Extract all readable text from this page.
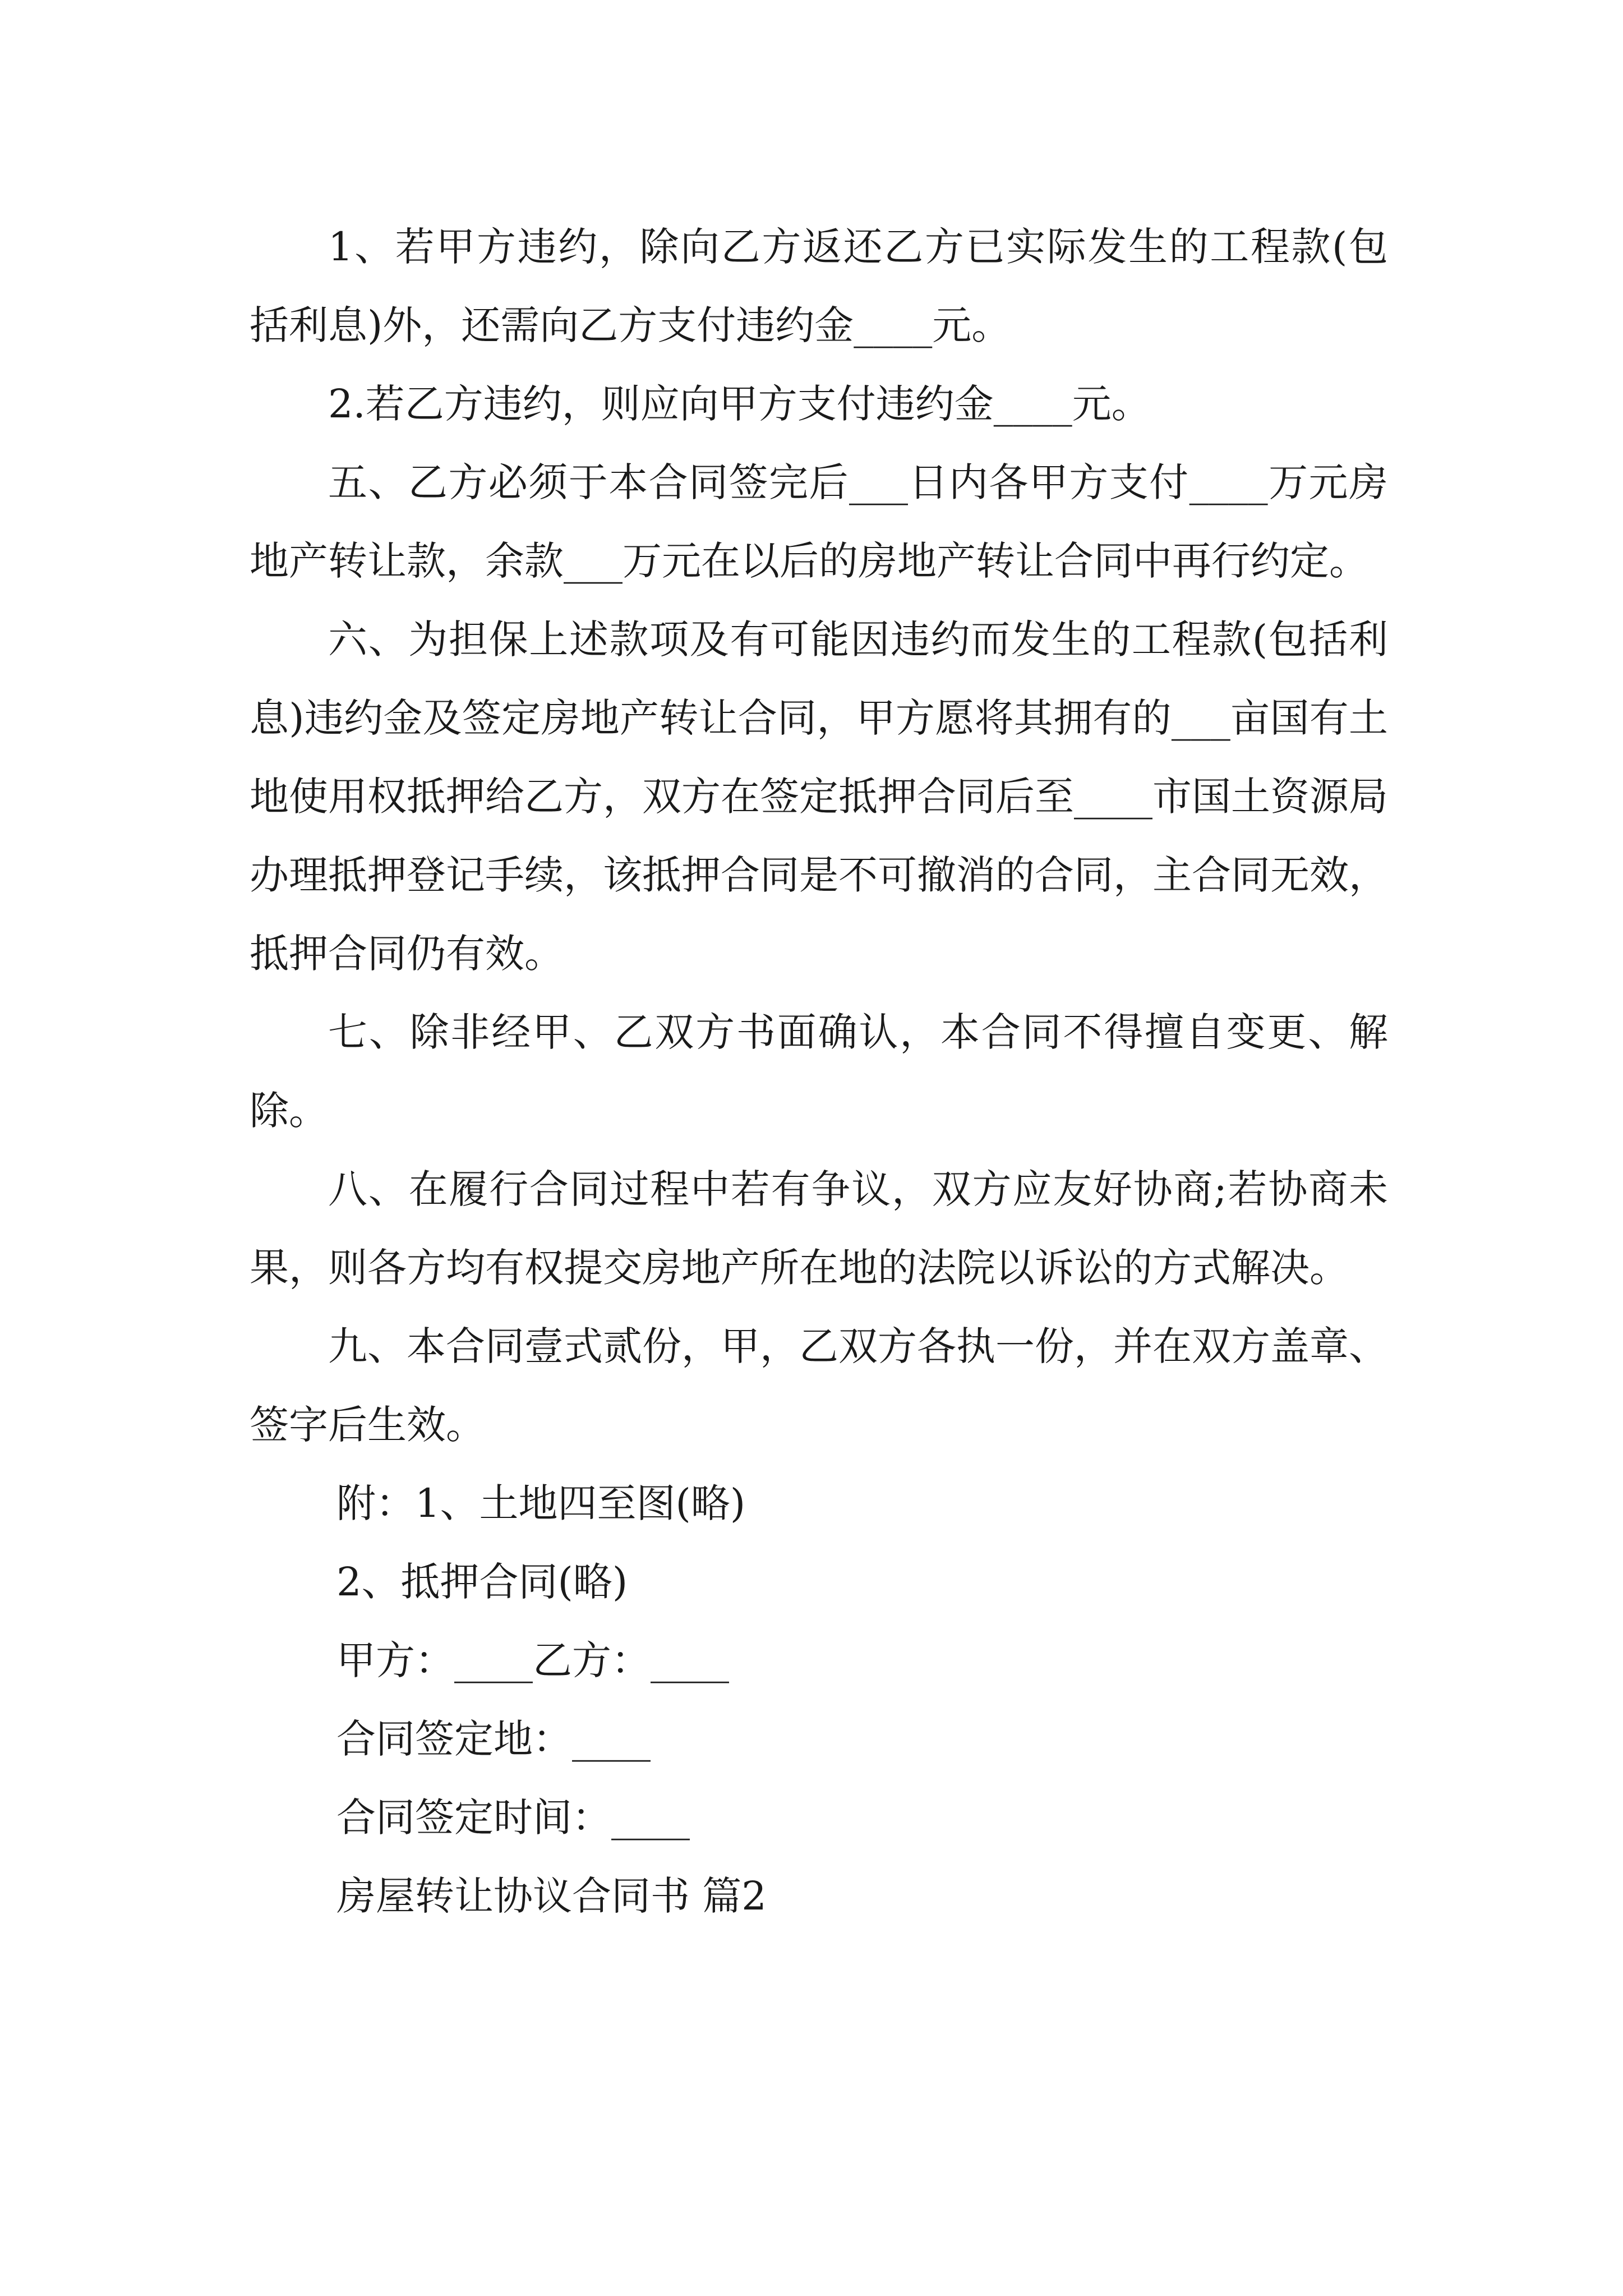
1、若甲方违约，除向乙方返还乙方已实际发生的工程款(包括利息)外，还需向乙方支付违约金____元。

2.若乙方违约，则应向甲方支付违约金____元。

五、乙方必须于本合同签完后___日内各甲方支付____万元房地产转让款，余款___万元在以后的房地产转让合同中再行约定。

六、为担保上述款项及有可能因违约而发生的工程款(包括利息)违约金及签定房地产转让合同，甲方愿将其拥有的___亩国有土地使用权抵押给乙方，双方在签定抵押合同后至____市国土资源局办理抵押登记手续，该抵押合同是不可撤消的合同，主合同无效，抵押合同仍有效。

七、除非经甲、乙双方书面确认，本合同不得擅自变更、解除。

八、在履行合同过程中若有争议，双方应友好协商;若协商未果，则各方均有权提交房地产所在地的法院以诉讼的方式解决。

九、本合同壹式贰份，甲，乙双方各执一份，并在双方盖章、签字后生效。

附：1、土地四至图(略)

2、抵押合同(略)

甲方：____乙方：____

合同签定地：____

合同签定时间：____

房屋转让协议合同书 篇2
